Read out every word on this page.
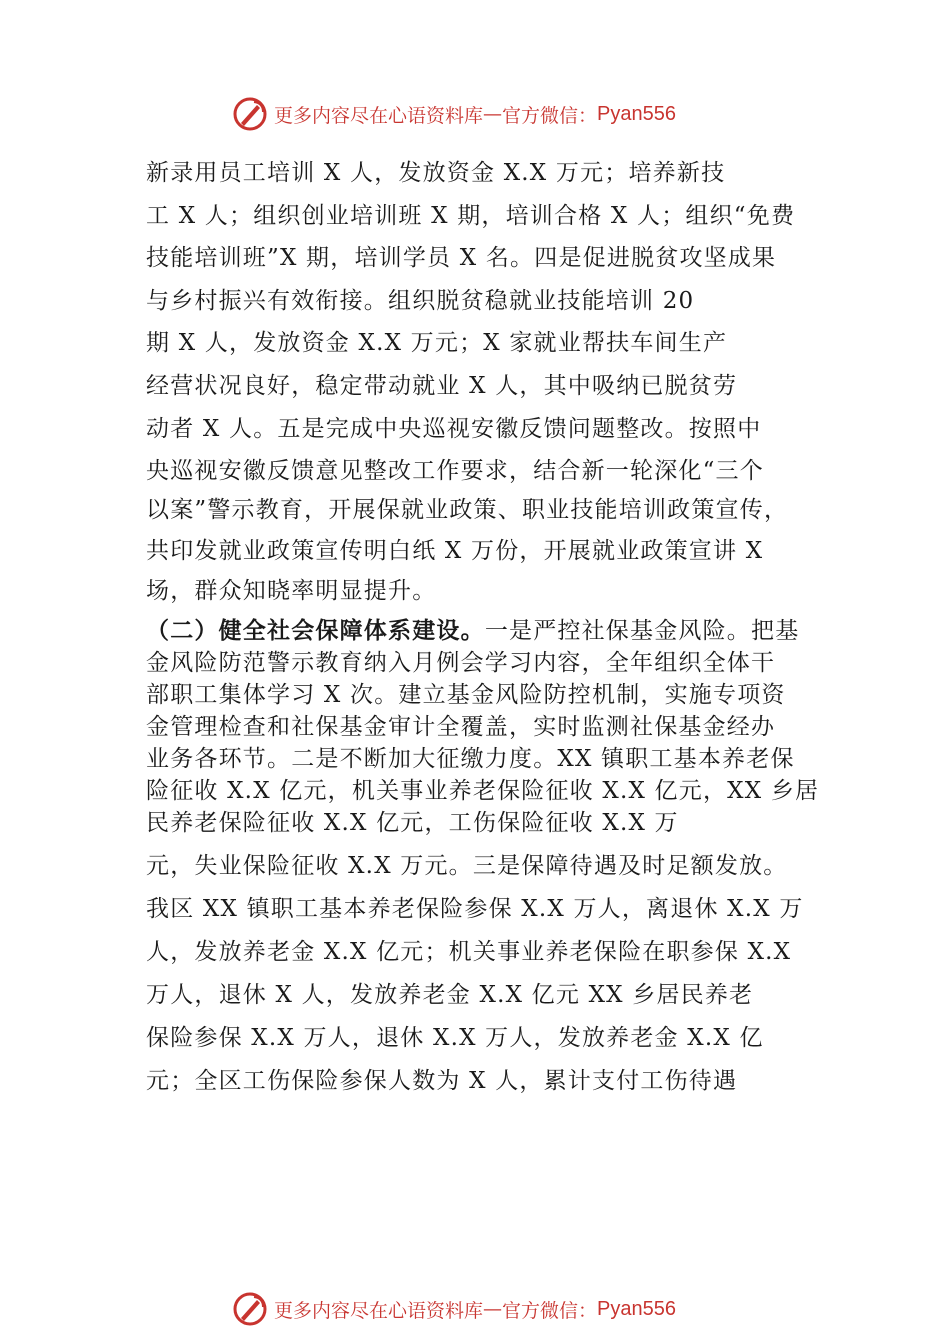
更多内容尽在心语资料库 — 官方微信： Pyan556
新录用员工培训 X 人，发放资金 X.X 万元；培养新技
工 X 人；组织创业培训班 X 期，培训合格 X 人；组织“免费
技能培训班”X 期，培训学员 X 名。四是促进脱贫攻坚成果
与乡村振兴有效衔接。组织脱贫稳就业技能培训 20
期 X 人，发放资金 X.X 万元；X 家就业帮扶车间生产
经营状况良好，稳定带动就业 X 人，其中吸纳已脱贫劳
动者 X 人。五是完成中央巡视安徽反馈问题整改。按照中
央巡视安徽反馈意见整改工作要求，结合新一轮深化“三个
以案”警示教育，开展保就业政策、职业技能培训政策宣传，
共印发就业政策宣传明白纸 X 万份，开展就业政策宣讲 X
场，群众知晓率明显提升。
（二）健全社会保障体系建设。一是严控社保基金风险。把基
金风险防范警示教育纳入月例会学习内容，全年组织全体干
部职工集体学习 X 次。建立基金风险防控机制，实施专项资
金管理检查和社保基金审计全覆盖，实时监测社保基金经办
业务各环节。二是不断加大征缴力度。XX 镇职工基本养老保
险征收 X.X 亿元，机关事业养老保险征收 X.X 亿元，XX 乡居
民养老保险征收 X.X 亿元，工伤保险征收 X.X 万
元，失业保险征收 X.X 万元。三是保障待遇及时足额发放。
我区 XX 镇职工基本养老保险参保 X.X 万人，离退休 X.X 万
人，发放养老金 X.X 亿元；机关事业养老保险在职参保 X.X
万人，退休 X 人，发放养老金 X.X 亿元 XX 乡居民养老
保险参保 X.X 万人，退休 X.X 万人，发放养老金 X.X 亿
元；全区工伤保险参保人数为 X 人，累计支付工伤待遇
更多内容尽在心语资料库 — 官方微信： Pyan556
